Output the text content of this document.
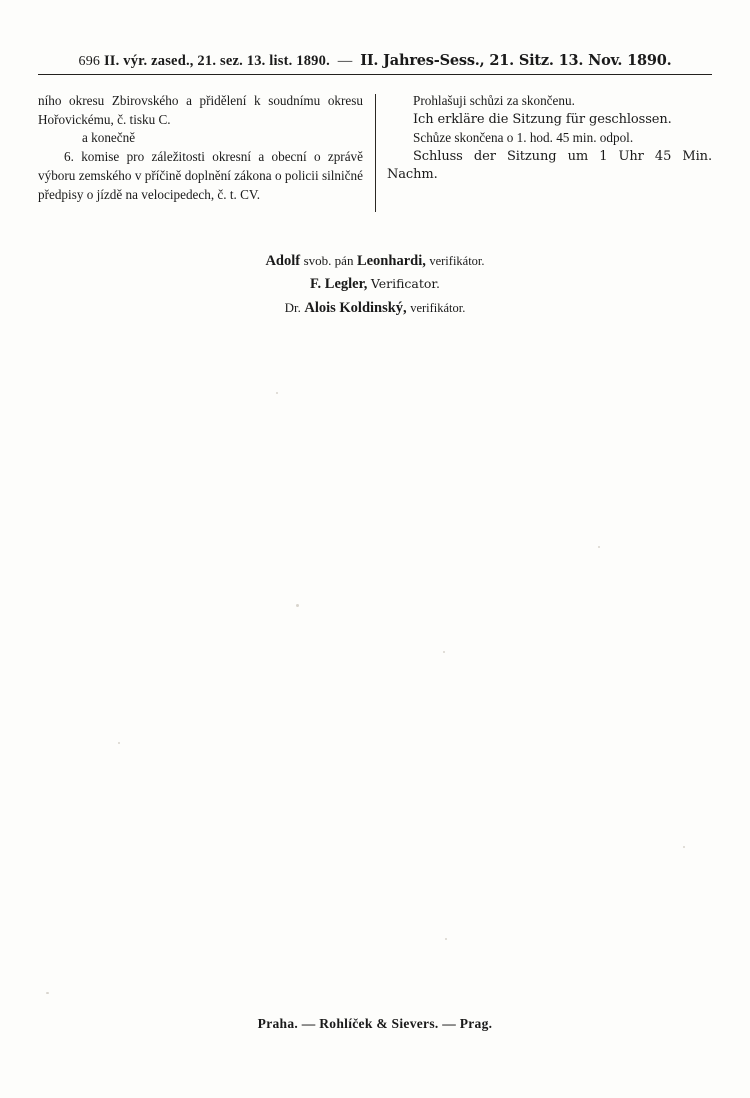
696 II. výr. zased., 21. sez. 13. list. 1890. — II. Jahres-Sess., 21. Sitz. 13. Nov. 1890.

ního okresu Zbirovského a přidělení k soudnímu okresu Hořovickému, č. tisku C.

a konečně

6. komise pro záležitosti okresní a obecní o zprávě výboru zemského v příčině doplnění zákona o policii silničné předpisy o jízdě na velocipedech, č. t. CV.

Prohlašuji schůzi za skončenu.

Ich erkläre die Sitzung für geschlossen.

Schůze skončena o 1. hod. 45 min. odpol.

Schluss der Sitzung um 1 Uhr 45 Min. Nachm.

Adolf svob. pán Leonhardi, verifikátor.
F. Legler, Verificator.
Dr. Alois Koldinský, verifikátor.
Praha. — Rohlíček & Sievers. — Prag.
